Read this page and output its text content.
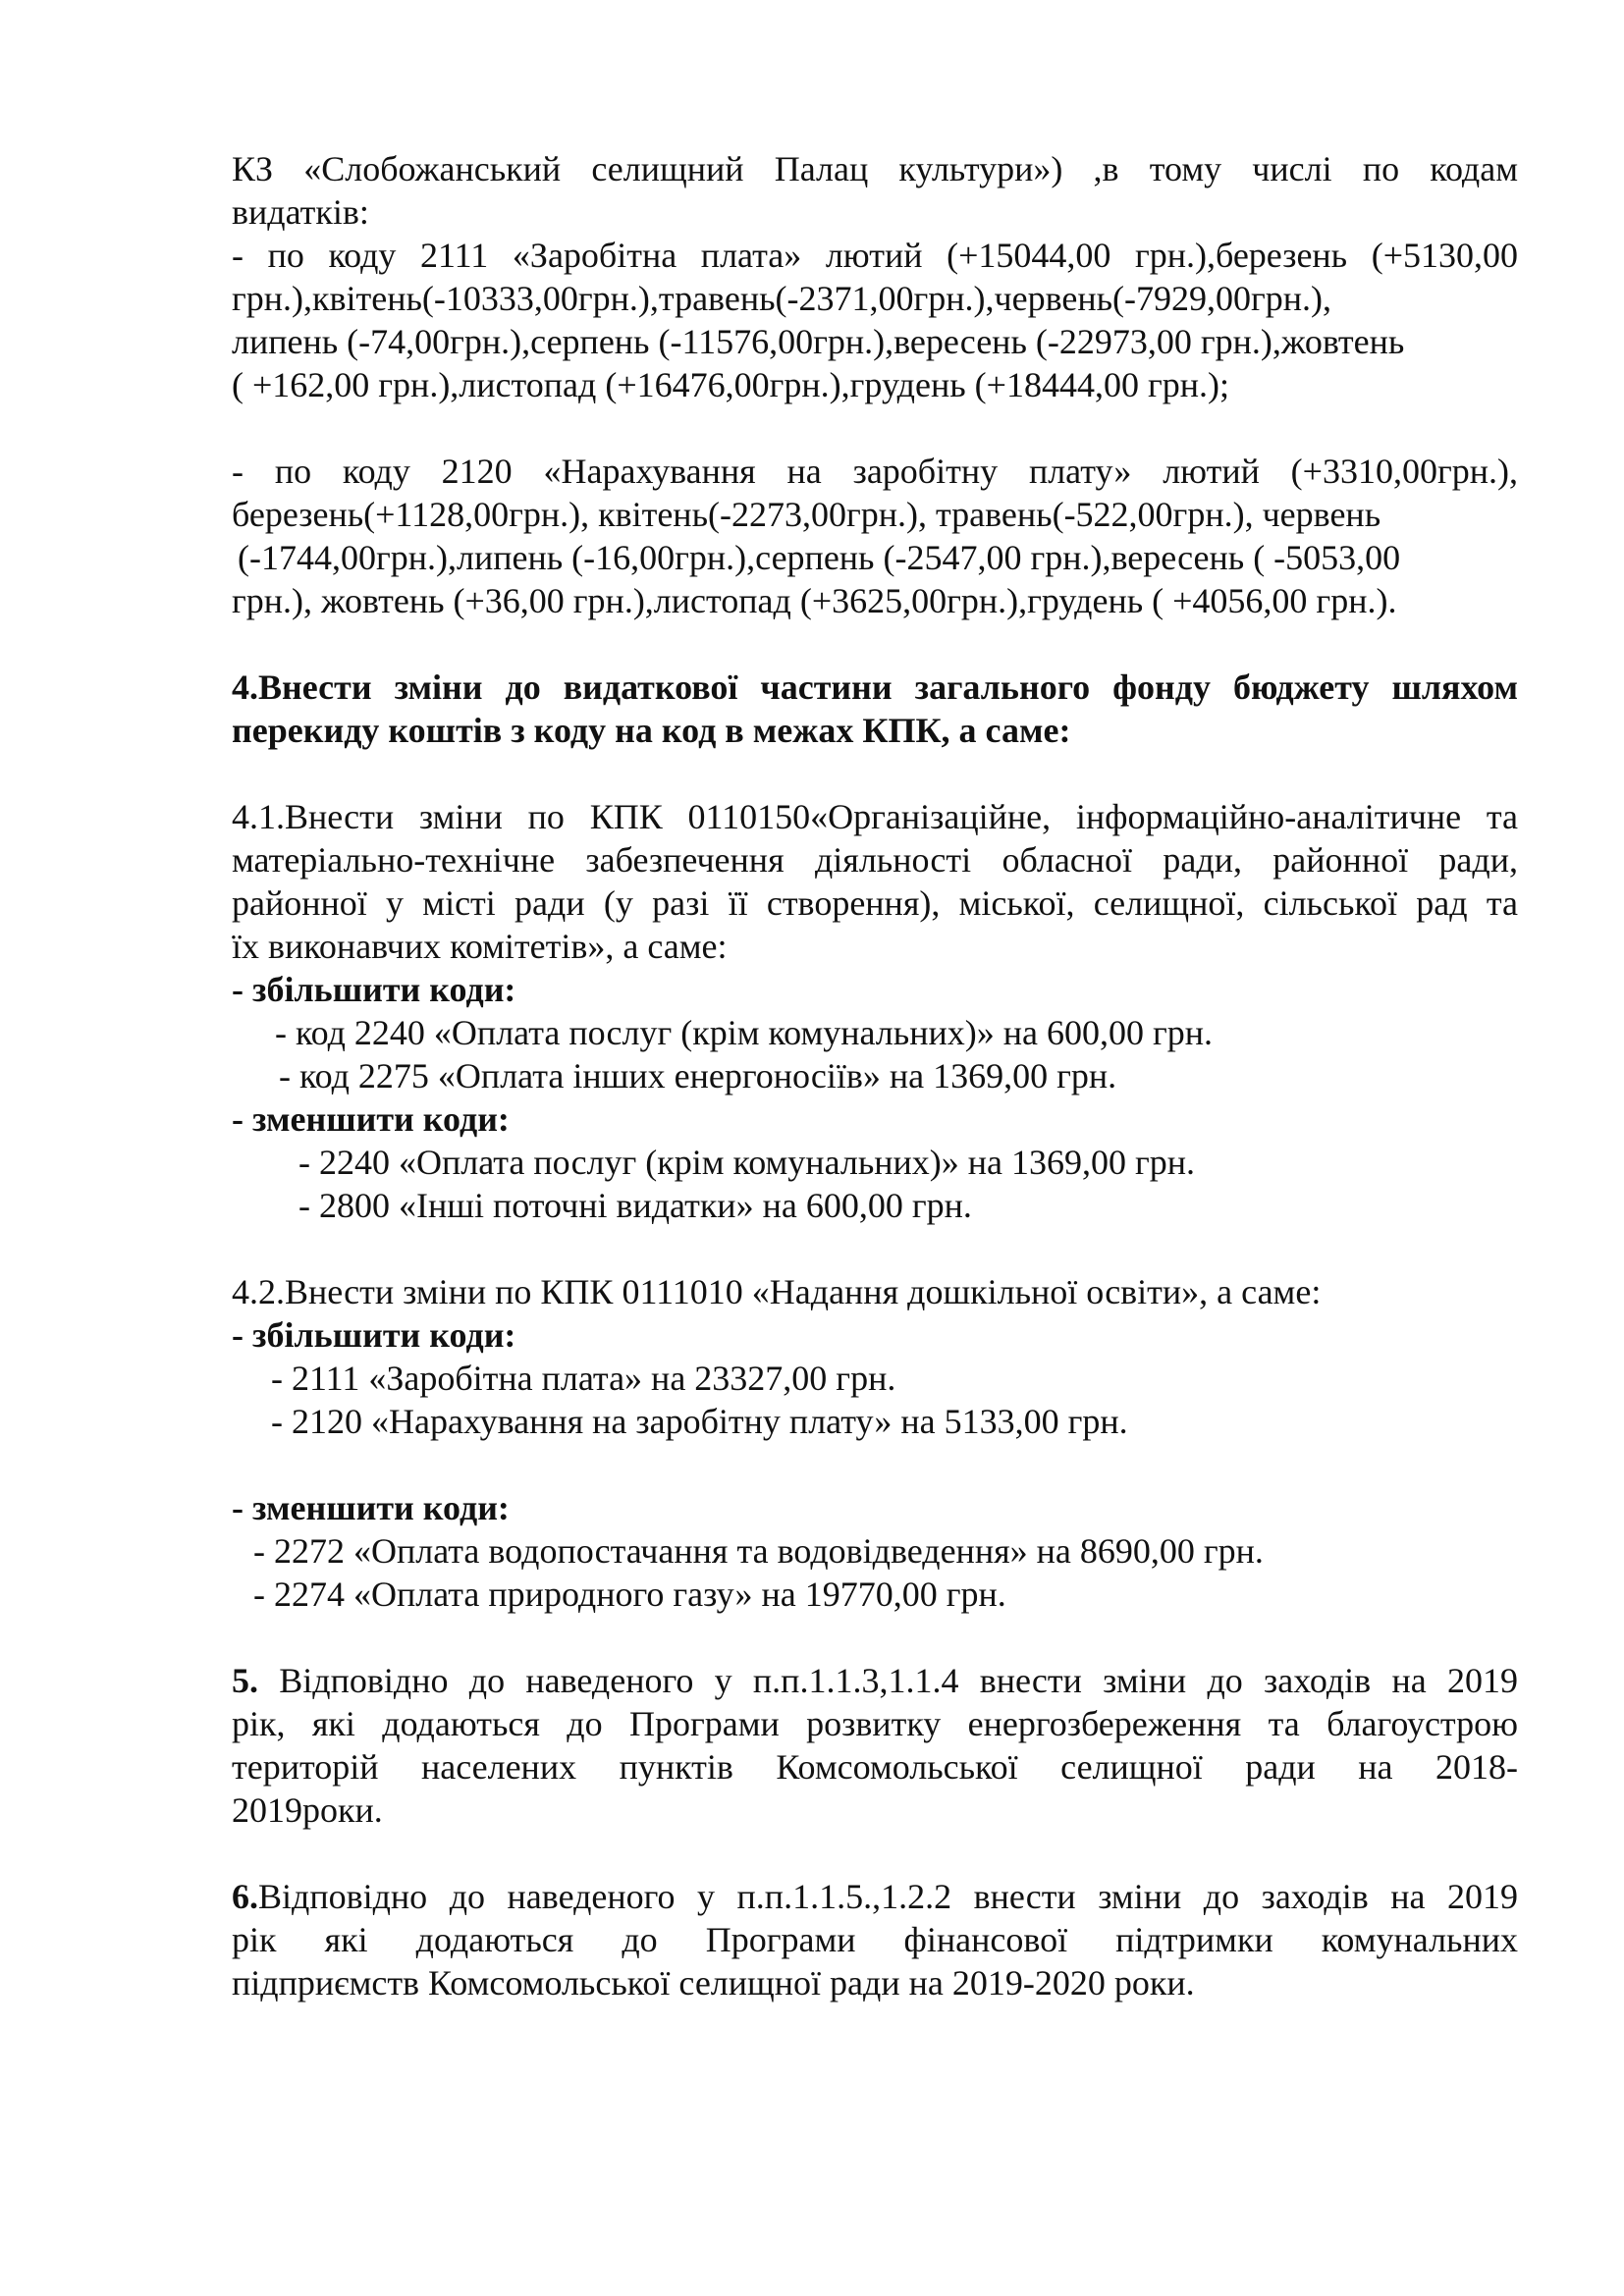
КЗ «Слобожанський селищний Палац культури») ,в тому числі по кодам
видатків:
- по коду 2111 «Заробітна плата» лютий (+15044,00 грн.),березень (+5130,00
грн.),квітень(-10333,00грн.),травень(-2371,00грн.),червень(-7929,00грн.),
липень (-74,00грн.),серпень (-11576,00грн.),вересень (-22973,00 грн.),жовтень
( +162,00 грн.),листопад (+16476,00грн.),грудень (+18444,00 грн.);
- по коду 2120 «Нарахування на заробітну плату» лютий (+3310,00грн.),
березень(+1128,00грн.), квітень(-2273,00грн.), травень(-522,00грн.), червень
(-1744,00грн.),липень (-16,00грн.),серпень (-2547,00 грн.),вересень ( -5053,00
грн.), жовтень (+36,00 грн.),листопад (+3625,00грн.),грудень ( +4056,00 грн.).
4.Внести зміни до видаткової частини загального фонду бюджету шляхом
перекиду коштів з коду на код в межах КПК, а саме:
4.1.Внести зміни по КПК 0110150«Організаційне, інформаційно-аналітичне та
матеріально-технічне забезпечення діяльності обласної ради, районної ради,
районної у місті ради (у разі її створення), міської, селищної, сільської рад та
їх виконавчих комітетів», а саме:
- збільшити коди:
- код 2240 «Оплата послуг (крім комунальних)» на 600,00 грн.
- код 2275 «Оплата інших енергоносіїв» на 1369,00 грн.
- зменшити коди:
- 2240 «Оплата послуг (крім комунальних)» на 1369,00 грн.
- 2800 «Інші поточні видатки» на 600,00 грн.
4.2.Внести зміни по КПК 0111010 «Надання дошкільної освіти», а саме:
- збільшити коди:
- 2111 «Заробітна плата» на 23327,00 грн.
- 2120 «Нарахування на заробітну плату» на 5133,00 грн.
- зменшити коди:
- 2272 «Оплата водопостачання та водовідведення» на 8690,00 грн.
- 2274 «Оплата природного газу» на 19770,00 грн.
5. Відповідно до наведеного у п.п.1.1.3,1.1.4 внести зміни до заходів на 2019
рік, які додаються до Програми розвитку енергозбереження та благоустрою
територій населених пунктів Комсомольської селищної ради на 2018-
2019роки.
6.Відповідно до наведеного у п.п.1.1.5.,1.2.2 внести зміни до заходів на 2019
рік які додаються до Програми фінансової підтримки комунальних
підприємств Комсомольської селищної ради на 2019-2020 роки.
